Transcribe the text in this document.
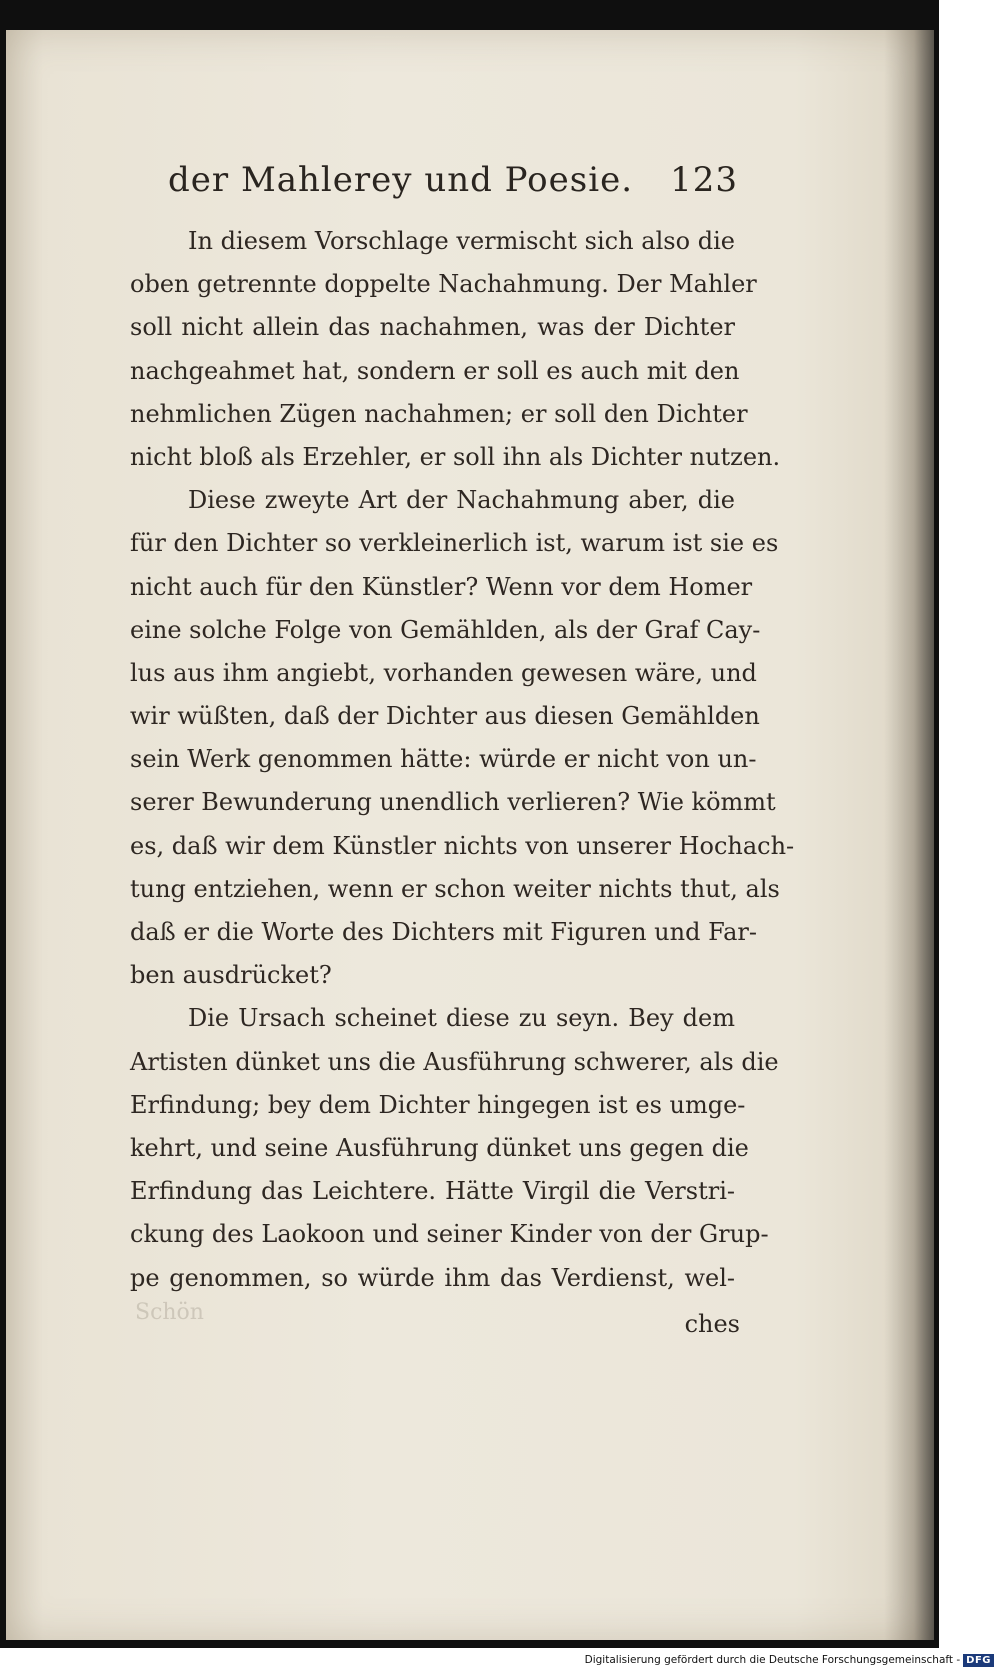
der Mahlerey und Poesie. 123
In diesem Vorschlage vermischt sich also die
oben getrennte doppelte Nachahmung. Der Mahler
soll nicht allein das nachahmen, was der Dichter
nachgeahmet hat, sondern er soll es auch mit den
nehmlichen Zügen nachahmen; er soll den Dichter
nicht bloß als Erzehler, er soll ihn als Dichter nutzen.
Diese zweyte Art der Nachahmung aber, die
für den Dichter so verkleinerlich ist, warum ist sie es
nicht auch für den Künstler? Wenn vor dem Homer
eine solche Folge von Gemählden, als der Graf Cay-
lus aus ihm angiebt, vorhanden gewesen wäre, und
wir wüßten, daß der Dichter aus diesen Gemählden
sein Werk genommen hätte: würde er nicht von un-
serer Bewunderung unendlich verlieren? Wie kömmt
es, daß wir dem Künstler nichts von unserer Hochach-
tung entziehen, wenn er schon weiter nichts thut, als
daß er die Worte des Dichters mit Figuren und Far-
ben ausdrücket?
Die Ursach scheinet diese zu seyn. Bey dem
Artisten dünket uns die Ausführung schwerer, als die
Erfindung; bey dem Dichter hingegen ist es umge-
kehrt, und seine Ausführung dünket uns gegen die
Erfindung das Leichtere. Hätte Virgil die Verstri-
ckung des Laokoon und seiner Kinder von der Grup-
pe genommen, so würde ihm das Verdienst, wel-
Schön	ches
Digitalisierung gefördert durch die Deutsche Forschungsgemeinschaft - DFG
